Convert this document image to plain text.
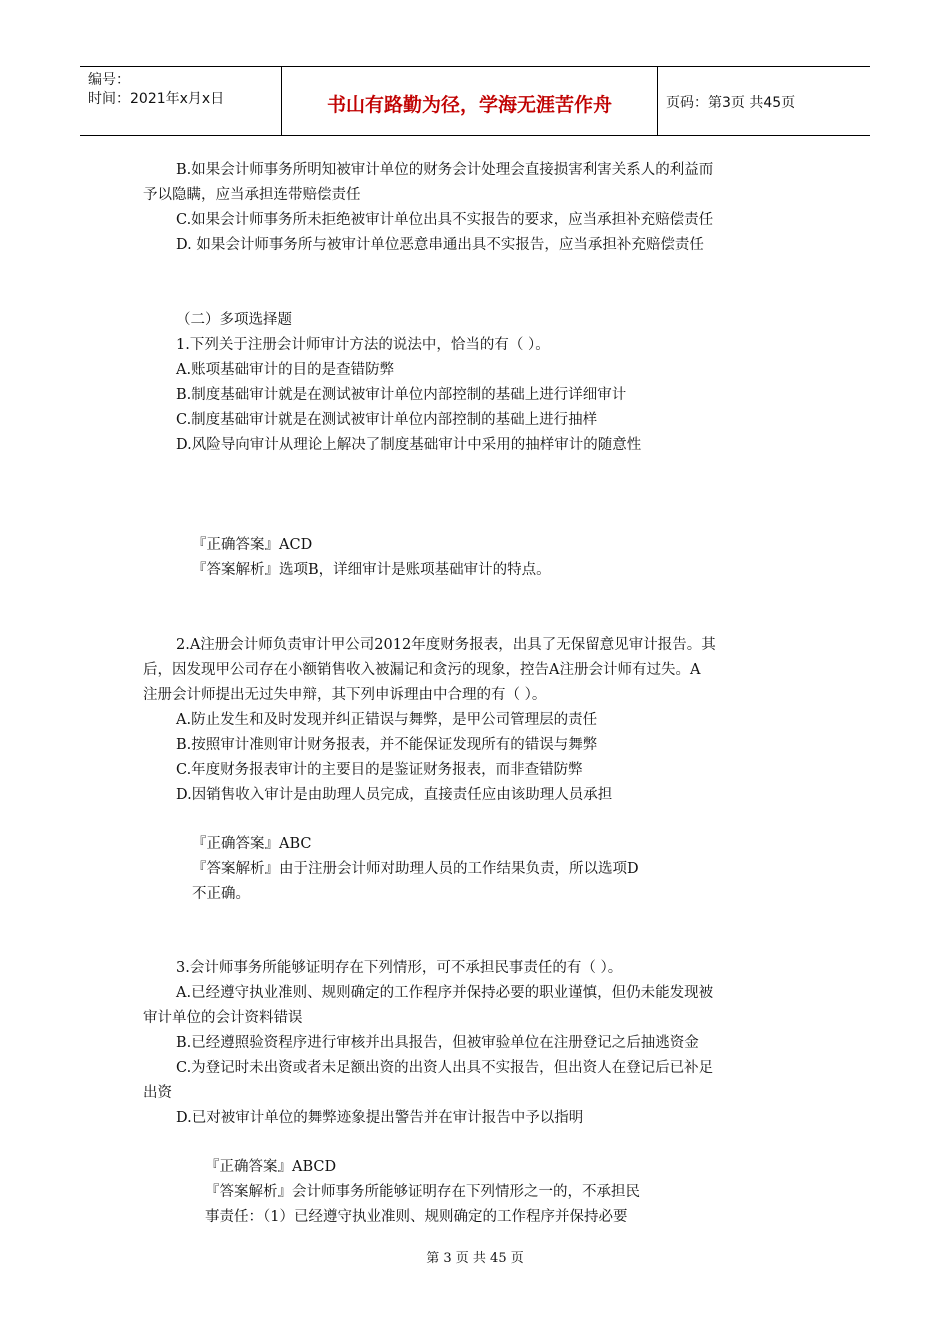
编号：
时间：2021年x月x日	书山有路勤为径，学海无涯苦作舟	页码：第3页 共45页
B.如果会计师事务所明知被审计单位的财务会计处理会直接损害利害关系人的利益而
予以隐瞒，应当承担连带赔偿责任
C.如果会计师事务所未拒绝被审计单位出具不实报告的要求，应当承担补充赔偿责任
D. 如果会计师事务所与被审计单位恶意串通出具不实报告，应当承担补充赔偿责任
（二）多项选择题
1.下列关于注册会计师审计方法的说法中，恰当的有（ ）。
A.账项基础审计的目的是查错防弊
B.制度基础审计就是在测试被审计单位内部控制的基础上进行详细审计
C.制度基础审计就是在测试被审计单位内部控制的基础上进行抽样
D.风险导向审计从理论上解决了制度基础审计中采用的抽样审计的随意性
『正确答案』ACD
『答案解析』选项B，详细审计是账项基础审计的特点。
2.A注册会计师负责审计甲公司2012年度财务报表，出具了无保留意见审计报告。其
后，因发现甲公司存在小额销售收入被漏记和贪污的现象，控告A注册会计师有过失。A
注册会计师提出无过失申辩，其下列申诉理由中合理的有（ ）。
A.防止发生和及时发现并纠正错误与舞弊，是甲公司管理层的责任
B.按照审计准则审计财务报表，并不能保证发现所有的错误与舞弊
C.年度财务报表审计的主要目的是鉴证财务报表，而非查错防弊
D.因销售收入审计是由助理人员完成，直接责任应由该助理人员承担
『正确答案』ABC
『答案解析』由于注册会计师对助理人员的工作结果负责，所以选项D
不正确。
3.会计师事务所能够证明存在下列情形，可不承担民事责任的有（ ）。
A.已经遵守执业准则、规则确定的工作程序并保持必要的职业谨慎，但仍未能发现被
审计单位的会计资料错误
B.已经遵照验资程序进行审核并出具报告，但被审验单位在注册登记之后抽逃资金
C.为登记时未出资或者未足额出资的出资人出具不实报告，但出资人在登记后已补足
出资
D.已对被审计单位的舞弊迹象提出警告并在审计报告中予以指明
『正确答案』ABCD
『答案解析』会计师事务所能够证明存在下列情形之一的，不承担民
事责任：（1）已经遵守执业准则、规则确定的工作程序并保持必要
第 3 页 共 45 页
